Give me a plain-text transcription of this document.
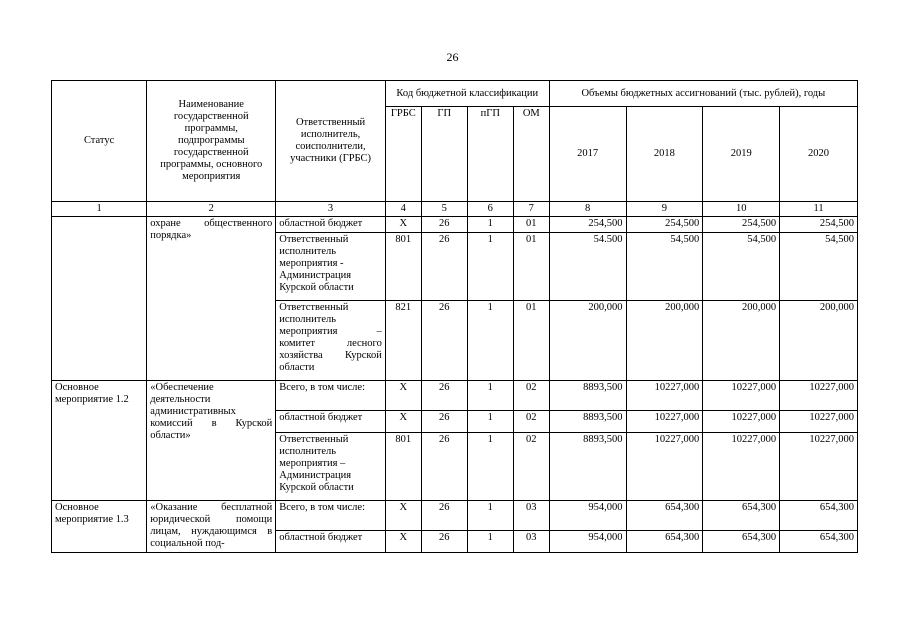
26
Статус	Наименование государственной программы, подпрограммы государственной программы, основного мероприятия	Ответственный исполнитель, соисполнители, участники (ГРБС)	Код бюджетной классификации				Объемы бюджетных ассигнований (тыс. рублей), годы			
			ГРБС	ГП	пГП	ОМ	2017	2018	2019	2020
1	2	3	4	5	6	7	8	9	10	11
	охране общественного порядка»	областной бюджет	Х	26	1	01	254,500	254,500	254,500	254,500
		Ответственный исполнитель мероприятия - Администрация Курской области	801	26	1	01	54.500	54,500	54,500	54,500
		Ответственный исполнитель мероприятия – комитет лесного хозяйства Курской области	821	26	1	01	200,000	200,000	200,000	200,000
Основное мероприятие 1.2	«Обеспечение деятельности административных комиссий в Курской области»	Всего, в том числе:	Х	26	1	02	8893,500	10227,000	10227,000	10227,000
		областной бюджет	Х	26	1	02	8893,500	10227,000	10227,000	10227,000
		Ответственный исполнитель мероприятия – Администрация Курской области	801	26	1	02	8893,500	10227,000	10227,000	10227,000
Основное мероприятие 1.3	«Оказание бесплатной юридической помощи лицам, нуждающимся в социальной под-	Всего, в том числе:	Х	26	1	03	954,000	654,300	654,300	654,300
		областной бюджет	Х	26	1	03	954,000	654,300	654,300	654,300
